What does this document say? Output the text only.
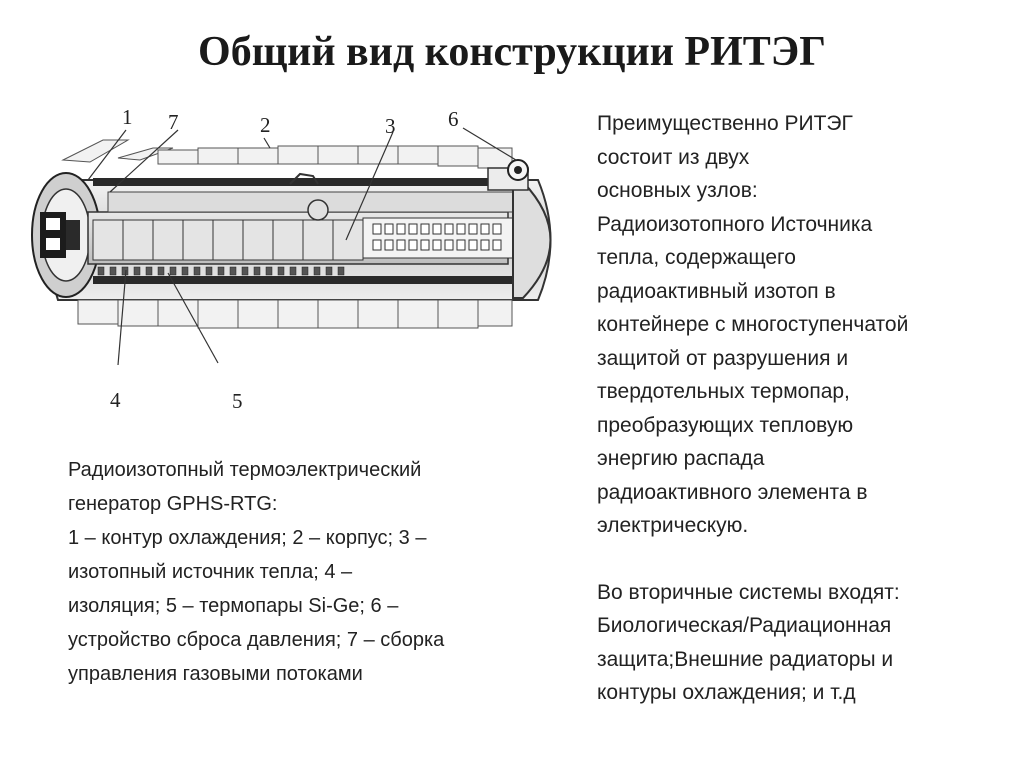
Общий вид конструкции РИТЭГ
1 7	2	3	6
4	5

Радиоизотопный термоэлектрический

генератор GPHS-RTG:

1 – контур охлаждения; 2 – корпус; 3 –

изотопный источник тепла; 4 –

изоляция; 5 – термопары Si-Ge; 6 –

устройство сброса давления; 7 – сборка

управления газовыми потоками

Преимущественно РИТЭГ

состоит из двух

основных узлов:

Радиоизотопного Источника

тепла, содержащего

радиоактивный изотоп в

контейнере с многоступенчатой

защитой от разрушения и

твердотельных термопар,

преобразующих тепловую

энергию распада

радиоактивного элемента в

электрическую.

Во вторичные системы входят:

Биологическая/Радиационная

защита;Внешние радиаторы и

контуры охлаждения; и т.д
